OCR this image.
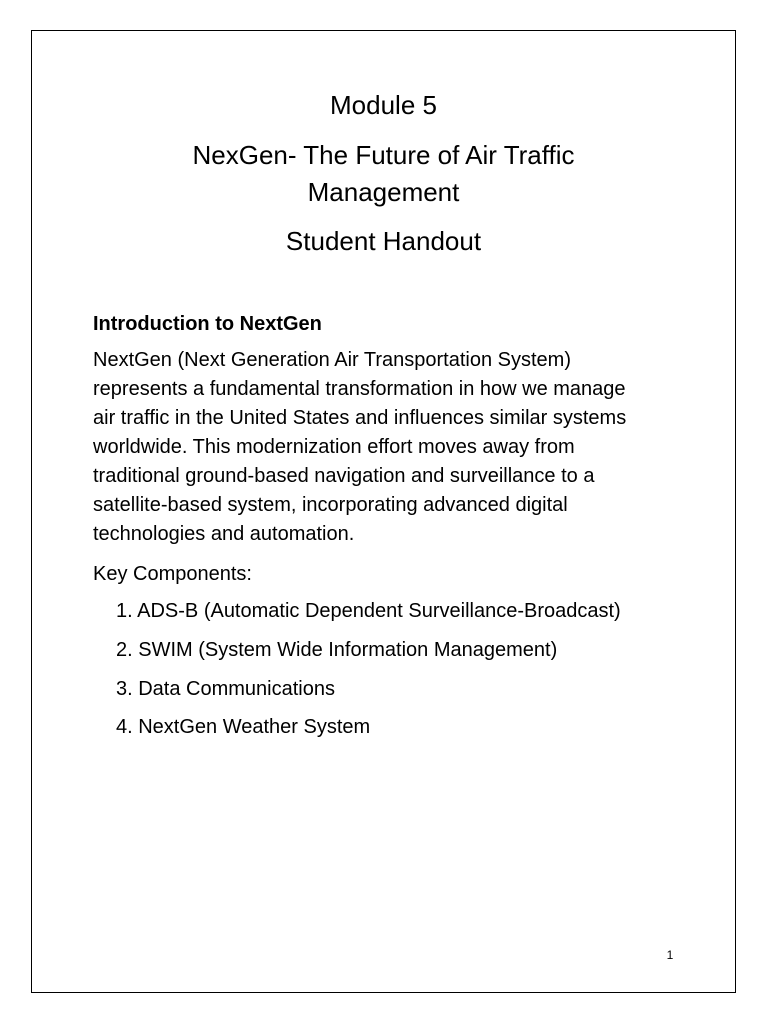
Module 5
NexGen- The Future of Air Traffic
Management
Student Handout
Introduction to NextGen
NextGen (Next Generation Air Transportation System)
represents a fundamental transformation in how we manage
air traffic in the United States and influences similar systems
worldwide. This modernization effort moves away from
traditional ground-based navigation and surveillance to a
satellite-based system, incorporating advanced digital
technologies and automation.
Key Components:
1. ADS-B (Automatic Dependent Surveillance-Broadcast)
2. SWIM (System Wide Information Management)
3. Data Communications
4. NextGen Weather System
1
